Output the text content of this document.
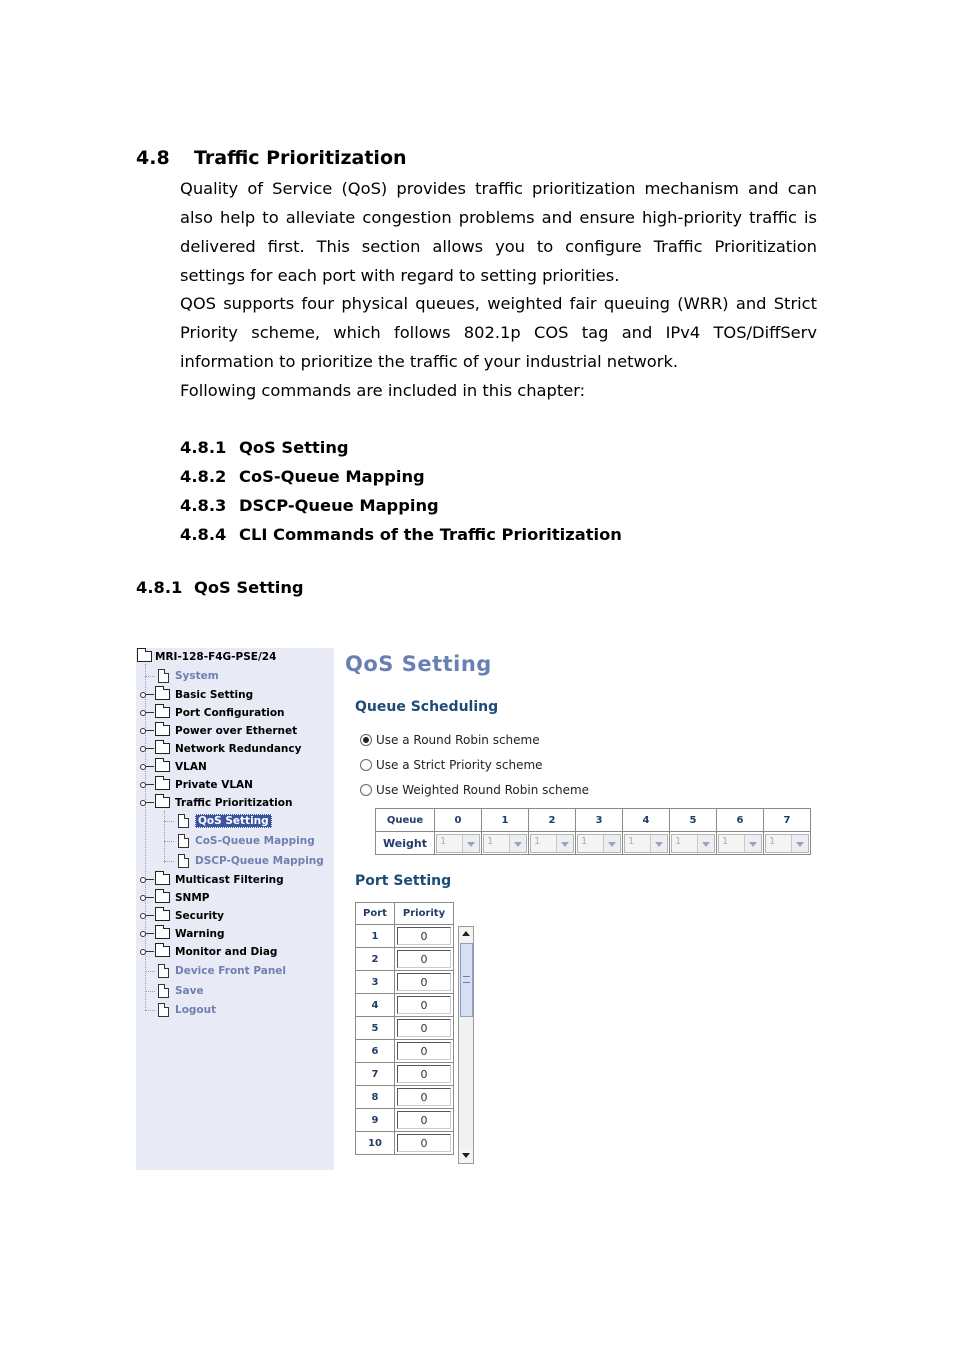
4.8 Traffic Prioritization
Quality of Service (QoS) provides traffic prioritization mechanism and can also help to alleviate congestion problems and ensure high-priority traffic is delivered first. This section allows you to configure Traffic Prioritization settings for each port with regard to setting priorities.
QOS supports four physical queues, weighted fair queuing (WRR) and Strict Priority scheme, which follows 802.1p COS tag and IPv4 TOS/DiffServ information to prioritize the traffic of your industrial network.
Following commands are included in this chapter:
4.8.1 QoS Setting
4.8.2 CoS-Queue Mapping
4.8.3 DSCP-Queue Mapping
4.8.4 CLI Commands of the Traffic Prioritization
4.8.1 QoS Setting
MRI-128-F4G-PSE/24
System
Basic Setting
Port Configuration
Power over Ethernet
Network Redundancy
VLAN
Private VLAN
Traffic Prioritization
QoS Setting
CoS-Queue Mapping
DSCP-Queue Mapping
Multicast Filtering
SNMP
Security
Warning
Monitor and Diag
Device Front Panel
Save
Logout
QoS Setting
Queue Scheduling
Use a Round Robin scheme
Use a Strict Priority scheme
Use Weighted Round Robin scheme
Queue	0	1	2	3	4	5	6	7
Weight	1	1	1	1	1	1	1	1
Port Setting
Port	Priority
1	0
2	0
3	0
4	0
5	0
6	0
7	0
8	0
9	0
10	0
